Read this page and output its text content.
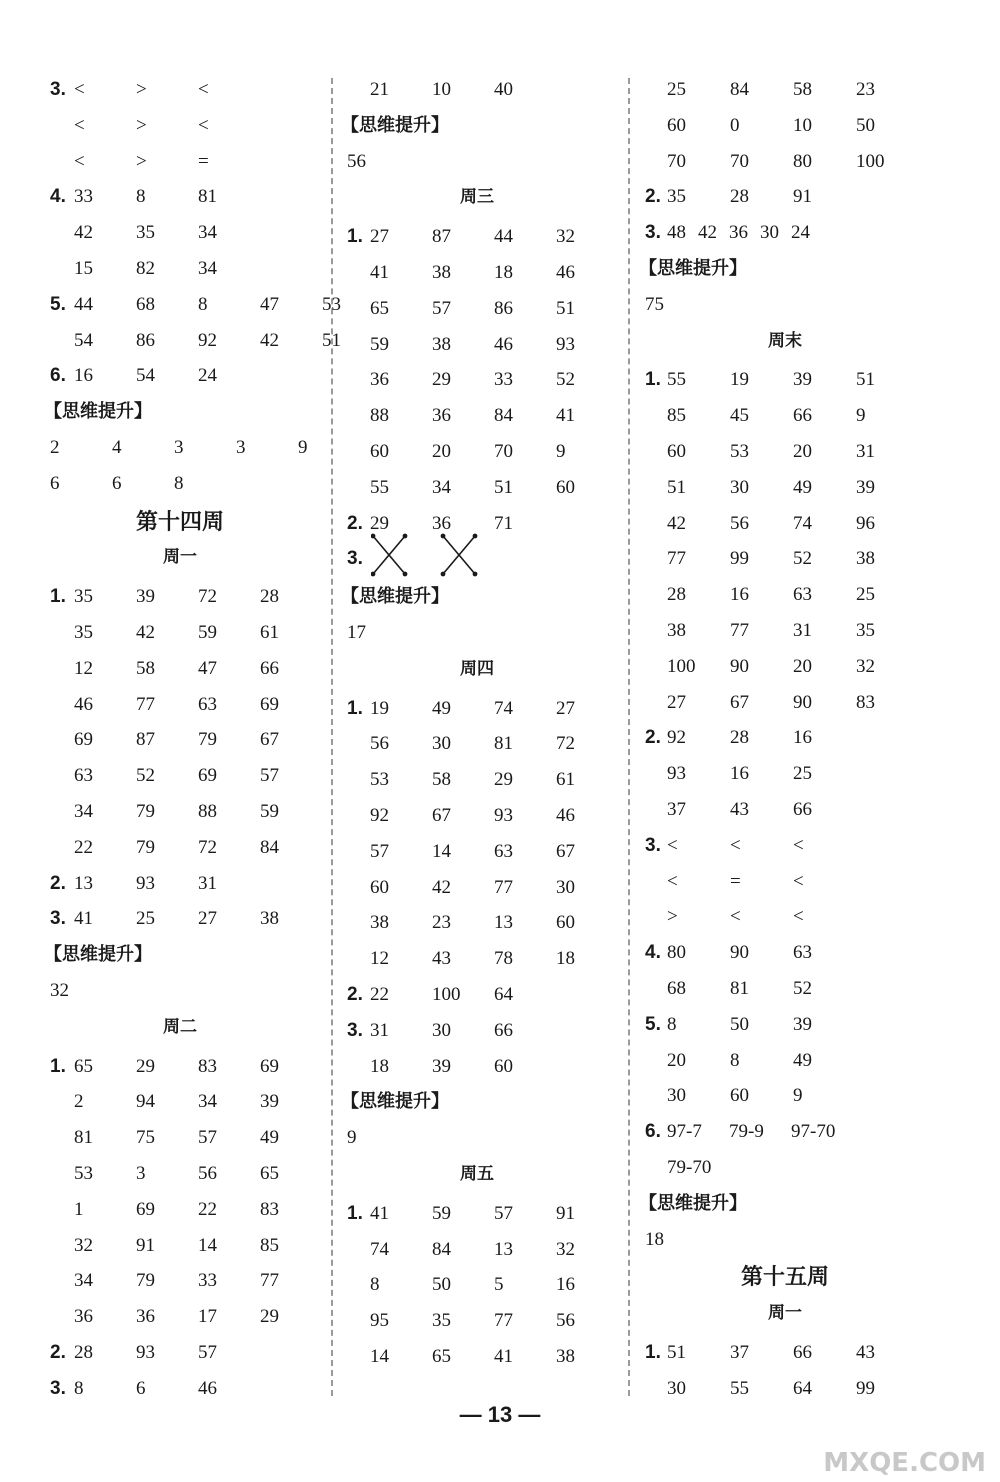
— 13 —
MXQE.COM
3. <	>	<
<	>	<
<	>	=
4. 33 8	81
42 35 34
15 82 34
5. 44 68 8	47 53
54 86 92 42 51
6. 16 54 24
【思维提升】
2	4	3	3	9
6	6	8
第十四周
周一
1. 35 39 72 28
35 42 59 61
12 58 47 66
46 77 63 69
69 87 79 67
63 52 69 57
34 79 88 59
22 79 72 84
2. 13 93 31
3. 41 25 27 38
【思维提升】
32
周二
1. 65 29 83 69
2	94 34 39
81 75 57 49
53 3	56 65
1	69 22 83
32 91 14 85
34 79 33 77
36 36 17 29
2. 28 93 57
3. 8	6	46
21 10 40
【思维提升】
56
周三
1. 27 87 44 32
41 38 18 46
65 57 86 51
59 38 46 93
36 29 33 52
88 36 84 41
60 20 70 9
55 34 51 60
2. 29 36 71
3.
【思维提升】
17
周四
1. 19 49 74 27
56 30 81 72
53 58 29 61
92 67 93 46
57 14 63 67
60 42 77 30
38 23 13 60
12 43 78 18
2. 22 100 64
3. 31 30 66
18 39 60
【思维提升】
9
周五
1. 41 59 57 91
74 84 13 32
8	50 5	16
95 35 77 56
14 65 41 38
25 84 58 23
60 0	10 50
70 70 80 100
2. 35 28 91
3. 48 42 36 30 24
【思维提升】
75
周末
1. 55 19 39 51
85 45 66 9
60 53 20 31
51 30 49 39
42 56 74 96
77 99 52 38
28 16 63 25
38 77 31 35
100 90 20 32
27 67 90 83
2. 92 28 16
93 16 25
37 43 66
3. <	<	<
<	=	<
>	<	<
4. 80 90 63
68 81 52
5. 8	50 39
20 8	49
30 60 9
6. 97-7 79-9 97-70
79-70
【思维提升】
18
第十五周
周一
1. 51 37 66 43
30 55 64 99
